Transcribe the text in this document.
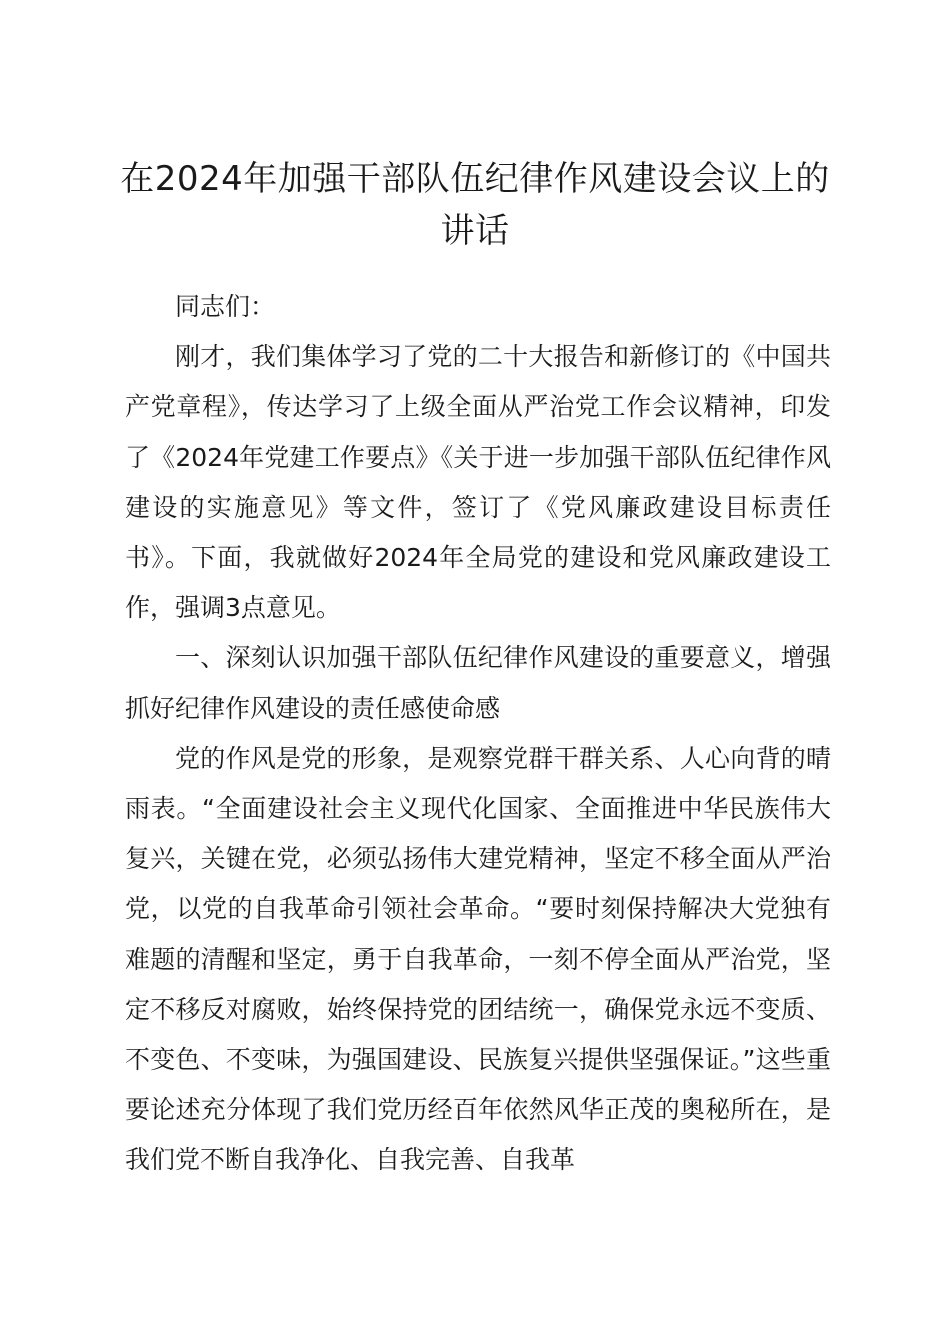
在2024年加强干部队伍纪律作风建设会议上的讲话

同志们：

刚才，我们集体学习了党的二十大报告和新修订的《中国共产党章程》，传达学习了上级全面从严治党工作会议精神，印发了《2024年党建工作要点》《关于进一步加强干部队伍纪律作风建设的实施意见》等文件，签订了《党风廉政建设目标责任书》。下面，我就做好2024年全局党的建设和党风廉政建设工作，强调3点意见。

一、深刻认识加强干部队伍纪律作风建设的重要意义，增强抓好纪律作风建设的责任感使命感

党的作风是党的形象，是观察党群干群关系、人心向背的晴雨表。“全面建设社会主义现代化国家、全面推进中华民族伟大复兴，关键在党，必须弘扬伟大建党精神，坚定不移全面从严治党，以党的自我革命引领社会革命。“要时刻保持解决大党独有难题的清醒和坚定，勇于自我革命，一刻不停全面从严治党，坚定不移反对腐败，始终保持党的团结统一，确保党永远不变质、不变色、不变味，为强国建设、民族复兴提供坚强保证。”这些重要论述充分体现了我们党历经百年依然风华正茂的奥秘所在，是我们党不断自我净化、自我完善、自我革
